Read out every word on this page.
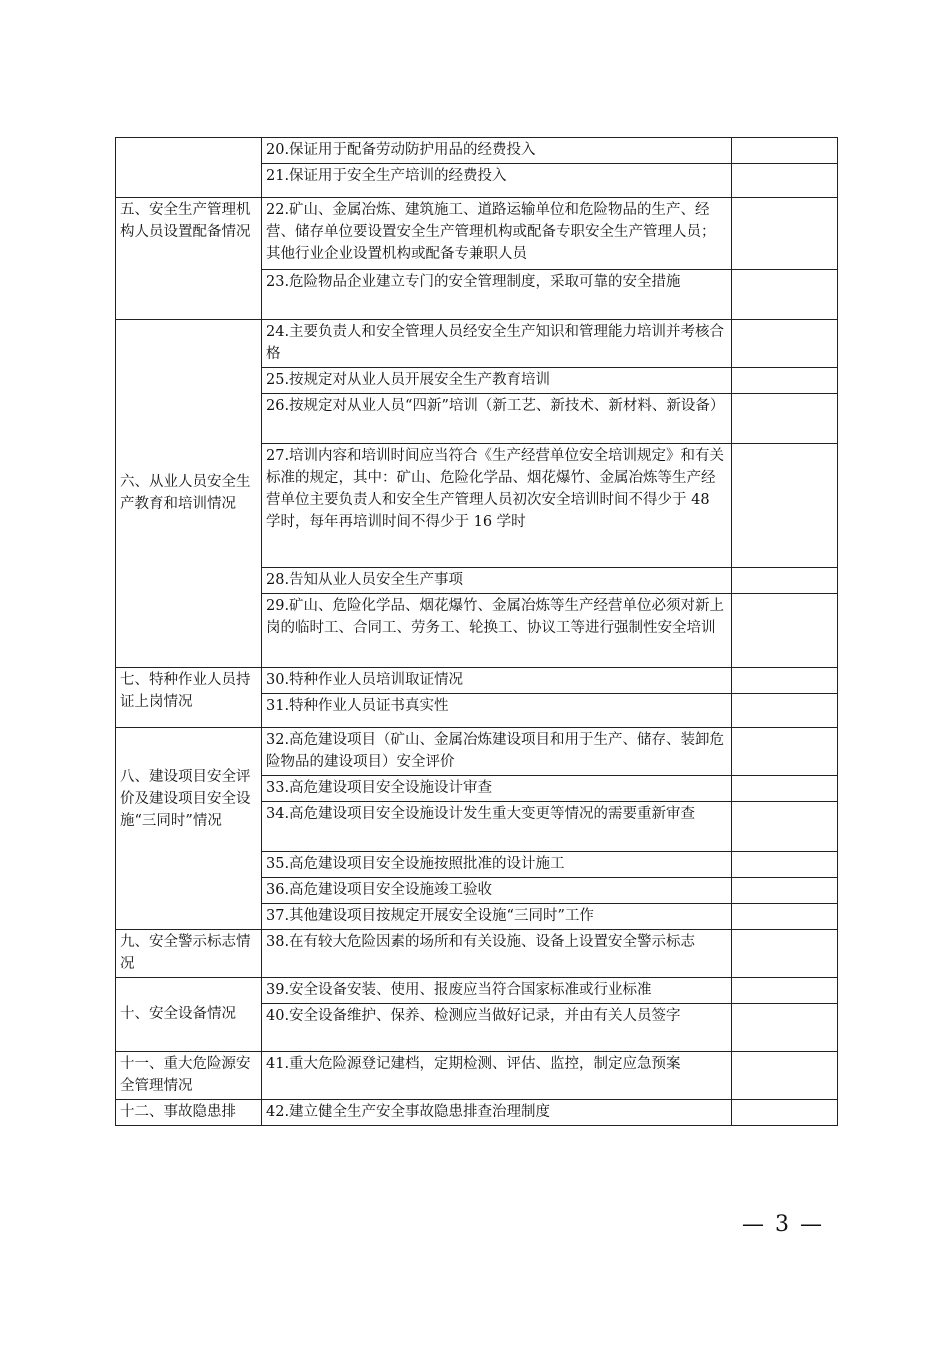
	20.保证用于配备劳动防护用品的经费投入	
	21.保证用于安全生产培训的经费投入	
五、安全生产管理机构人员设置配备情况	22.矿山、金属冶炼、建筑施工、道路运输单位和危险物品的生产、经营、储存单位要设置安全生产管理机构或配备专职安全生产管理人员；其他行业企业设置机构或配备专兼职人员	
	23.危险物品企业建立专门的安全管理制度，采取可靠的安全措施	
六、从业人员安全生产教育和培训情况	24.主要负责人和安全管理人员经安全生产知识和管理能力培训并考核合格	
	25.按规定对从业人员开展安全生产教育培训	
	26.按规定对从业人员“四新”培训（新工艺、新技术、新材料、新设备）	
	27.培训内容和培训时间应当符合《生产经营单位安全培训规定》和有关标准的规定，其中：矿山、危险化学品、烟花爆竹、金属冶炼等生产经营单位主要负责人和安全生产管理人员初次安全培训时间不得少于 48 学时，每年再培训时间不得少于 16 学时	
	28.告知从业人员安全生产事项	
	29.矿山、危险化学品、烟花爆竹、金属冶炼等生产经营单位必须对新上岗的临时工、合同工、劳务工、轮换工、协议工等进行强制性安全培训	
七、特种作业人员持证上岗情况	30.特种作业人员培训取证情况	
	31.特种作业人员证书真实性	
八、建设项目安全评价及建设项目安全设施“三同时”情况	32.高危建设项目（矿山、金属冶炼建设项目和用于生产、储存、装卸危险物品的建设项目）安全评价	
	33.高危建设项目安全设施设计审查	
	34.高危建设项目安全设施设计发生重大变更等情况的需要重新审查	
	35.高危建设项目安全设施按照批准的设计施工	
	36.高危建设项目安全设施竣工验收	
	37.其他建设项目按规定开展安全设施“三同时”工作	
九、安全警示标志情况	38.在有较大危险因素的场所和有关设施、设备上设置安全警示标志	
十、安全设备情况	39.安全设备安装、使用、报废应当符合国家标准或行业标准	
	40.安全设备维护、保养、检测应当做好记录，并由有关人员签字	
十一、重大危险源安全管理情况	41.重大危险源登记建档，定期检测、评估、监控，制定应急预案	
十二、事故隐患排	42.建立健全生产安全事故隐患排查治理制度	
— 3 —
